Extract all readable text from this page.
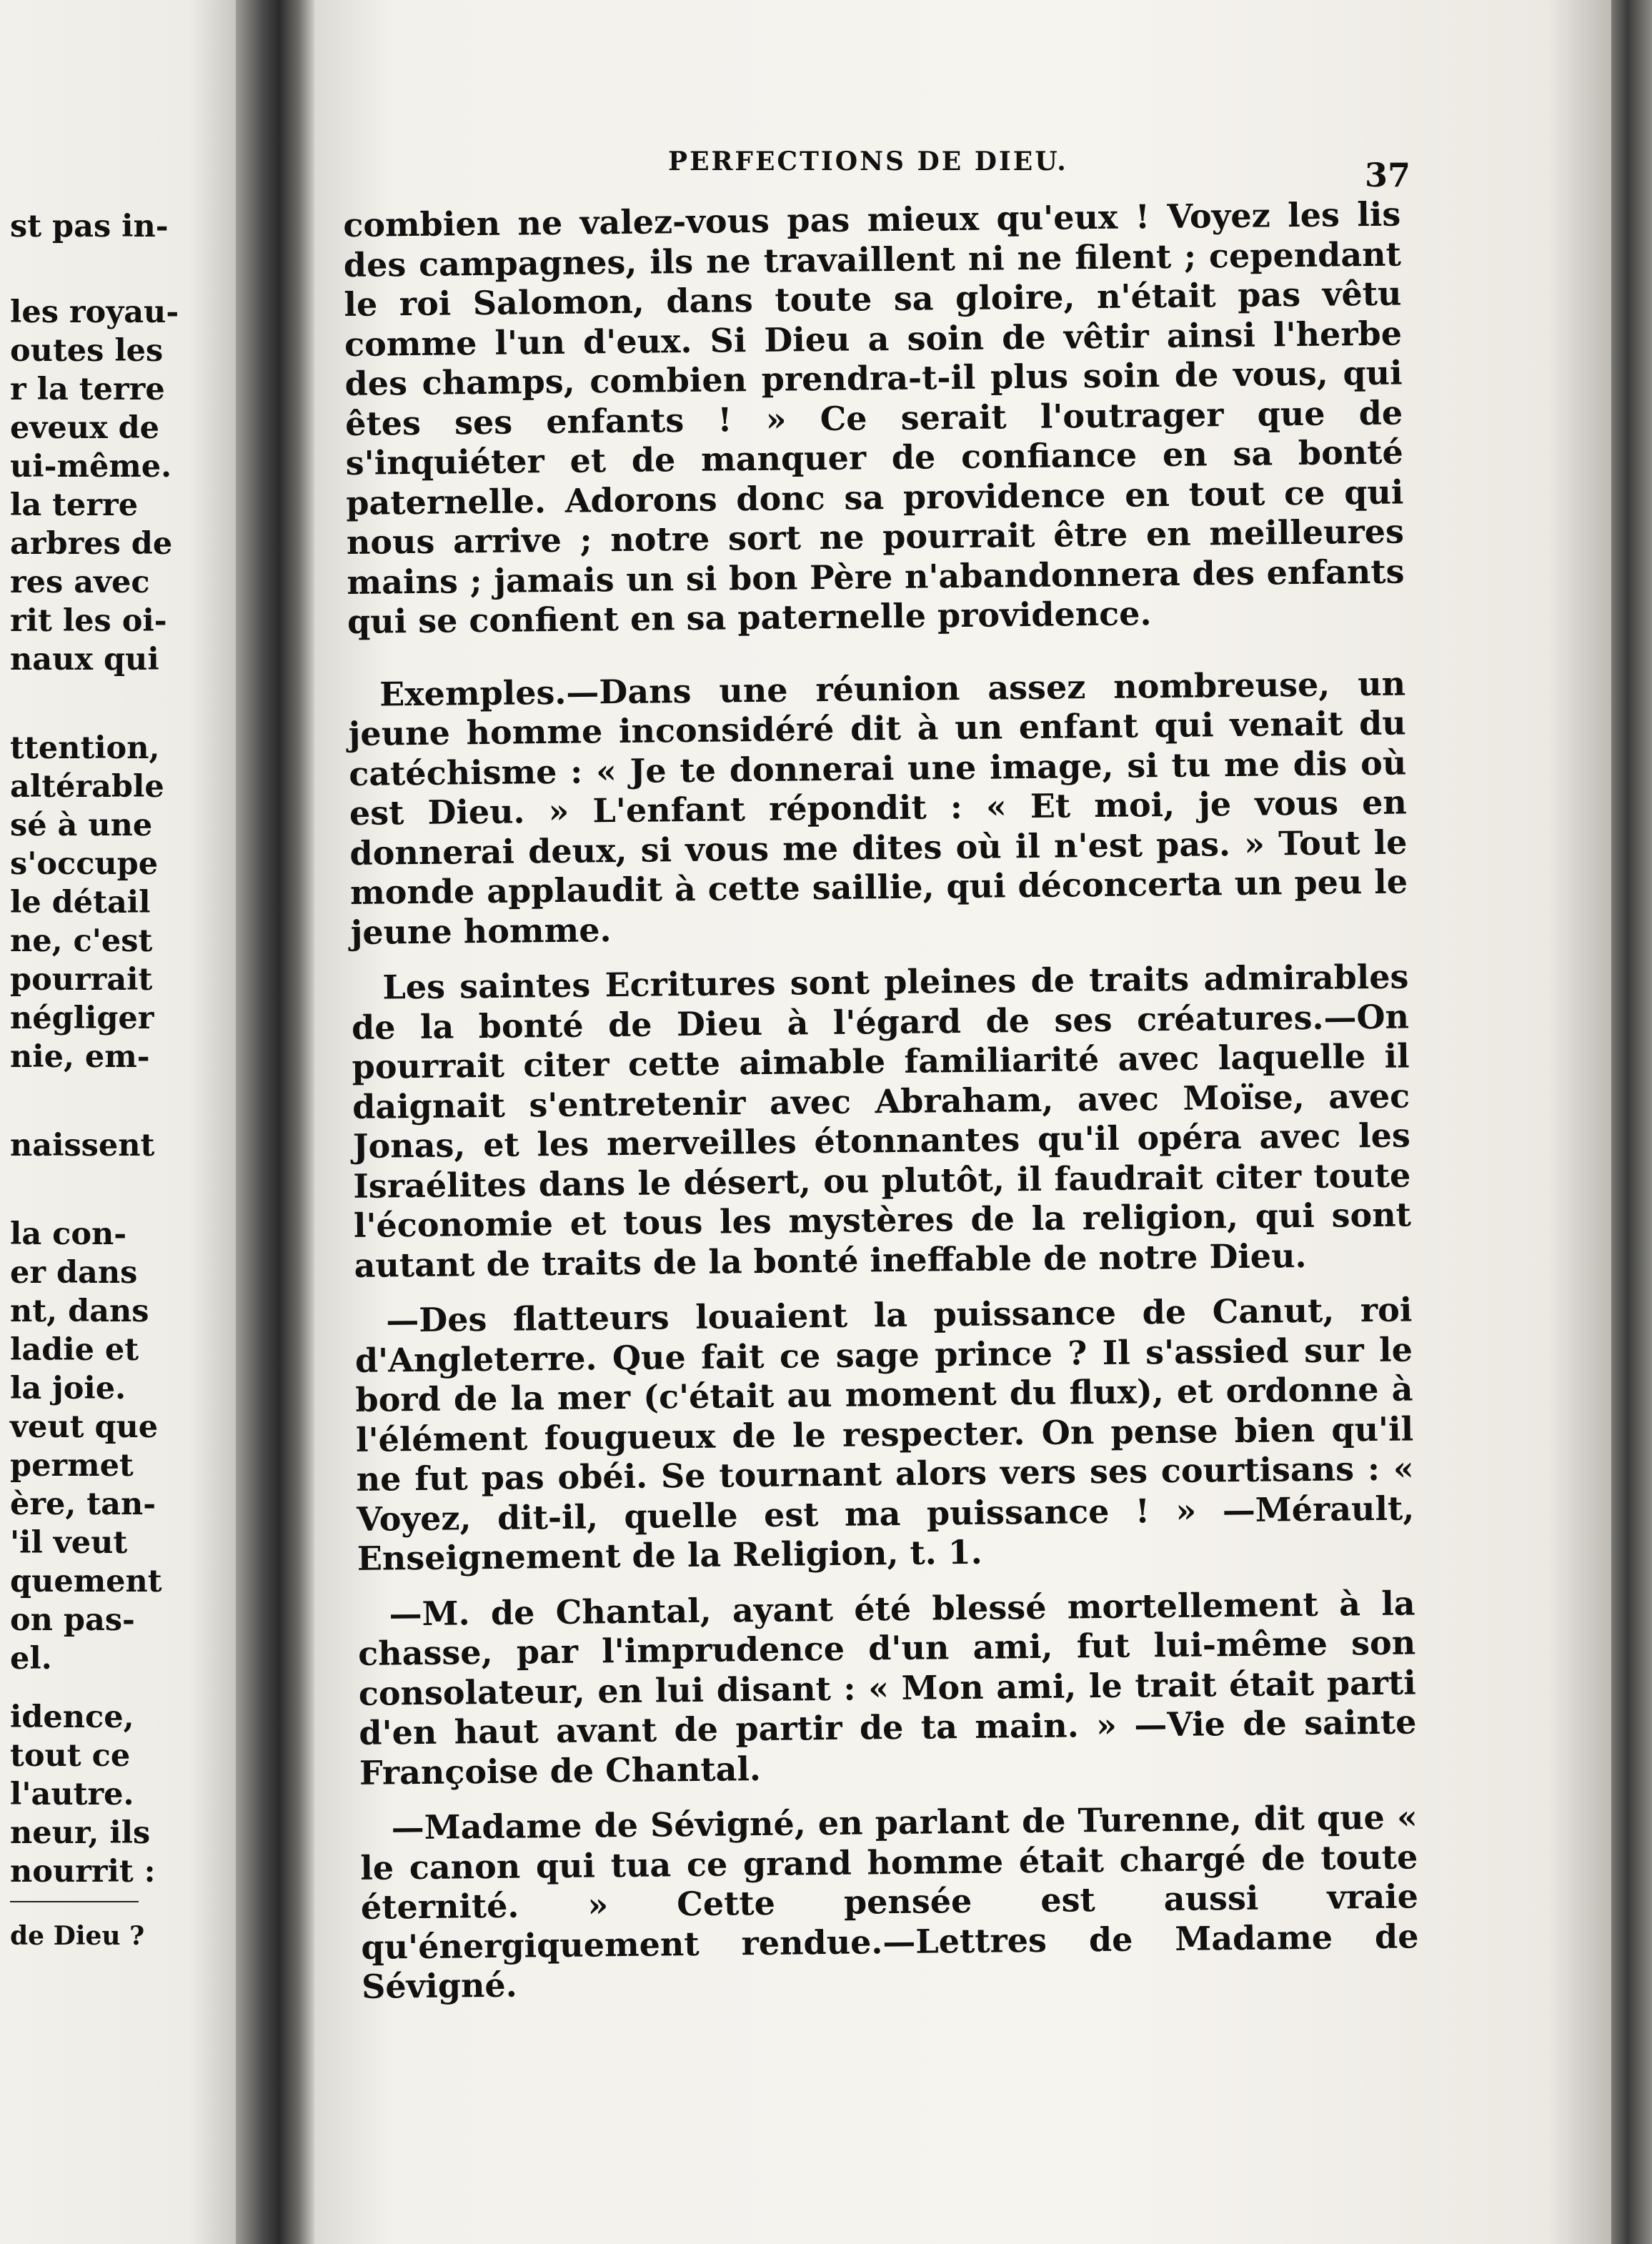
st pas in-
les royau-
outes les
r la terre
eveux de
ui-même.
la terre
arbres de
res avec
rit les oi-
naux qui
ttention,
altérable
sé à une
s'occupe
le détail
ne, c'est
pourrait
négliger
nie, em-
naissent
la con-
er dans
nt, dans
ladie et
la joie.
veut que
permet
ère, tan-
'il veut
quement
on pas-
el.
idence,
tout ce
l'autre.
neur, ils
nourrit :
de Dieu ?
PERFECTIONS DE DIEU.	37

combien ne valez-vous pas mieux qu'eux ! Voyez les lis des campagnes, ils ne travaillent ni ne filent ; cependant le roi Salomon, dans toute sa gloire, n'était pas vêtu comme l'un d'eux. Si Dieu a soin de vêtir ainsi l'herbe des champs, combien prendra-t-il plus soin de vous, qui êtes ses enfants ! » Ce serait l'outrager que de s'inquiéter et de manquer de confiance en sa bonté paternelle. Adorons donc sa providence en tout ce qui nous arrive ; notre sort ne pourrait être en meilleures mains ; jamais un si bon Père n'abandonnera des enfants qui se confient en sa paternelle providence.

Exemples.—Dans une réunion assez nombreuse, un jeune homme inconsidéré dit à un enfant qui venait du catéchisme : « Je te donnerai une image, si tu me dis où est Dieu. » L'enfant répondit : « Et moi, je vous en donnerai deux, si vous me dites où il n'est pas. » Tout le monde applaudit à cette saillie, qui déconcerta un peu le jeune homme.

Les saintes Ecritures sont pleines de traits admirables de la bonté de Dieu à l'égard de ses créatures.—On pourrait citer cette aimable familiarité avec laquelle il daignait s'entretenir avec Abraham, avec Moïse, avec Jonas, et les merveilles étonnantes qu'il opéra avec les Israélites dans le désert, ou plutôt, il faudrait citer toute l'économie et tous les mystères de la religion, qui sont autant de traits de la bonté ineffable de notre Dieu.

—Des flatteurs louaient la puissance de Canut, roi d'Angleterre. Que fait ce sage prince ? Il s'assied sur le bord de la mer (c'était au moment du flux), et ordonne à l'élément fougueux de le respecter. On pense bien qu'il ne fut pas obéi. Se tournant alors vers ses courtisans : « Voyez, dit-il, quelle est ma puissance ! » —Mérault, Enseignement de la Religion, t. 1.

—M. de Chantal, ayant été blessé mortellement à la chasse, par l'imprudence d'un ami, fut lui-même son consolateur, en lui disant : « Mon ami, le trait était parti d'en haut avant de partir de ta main. » —Vie de sainte Françoise de Chantal.

—Madame de Sévigné, en parlant de Turenne, dit que « le canon qui tua ce grand homme était chargé de toute éternité. » Cette pensée est aussi vraie qu'énergiquement rendue.—Lettres de Madame de Sévigné.
